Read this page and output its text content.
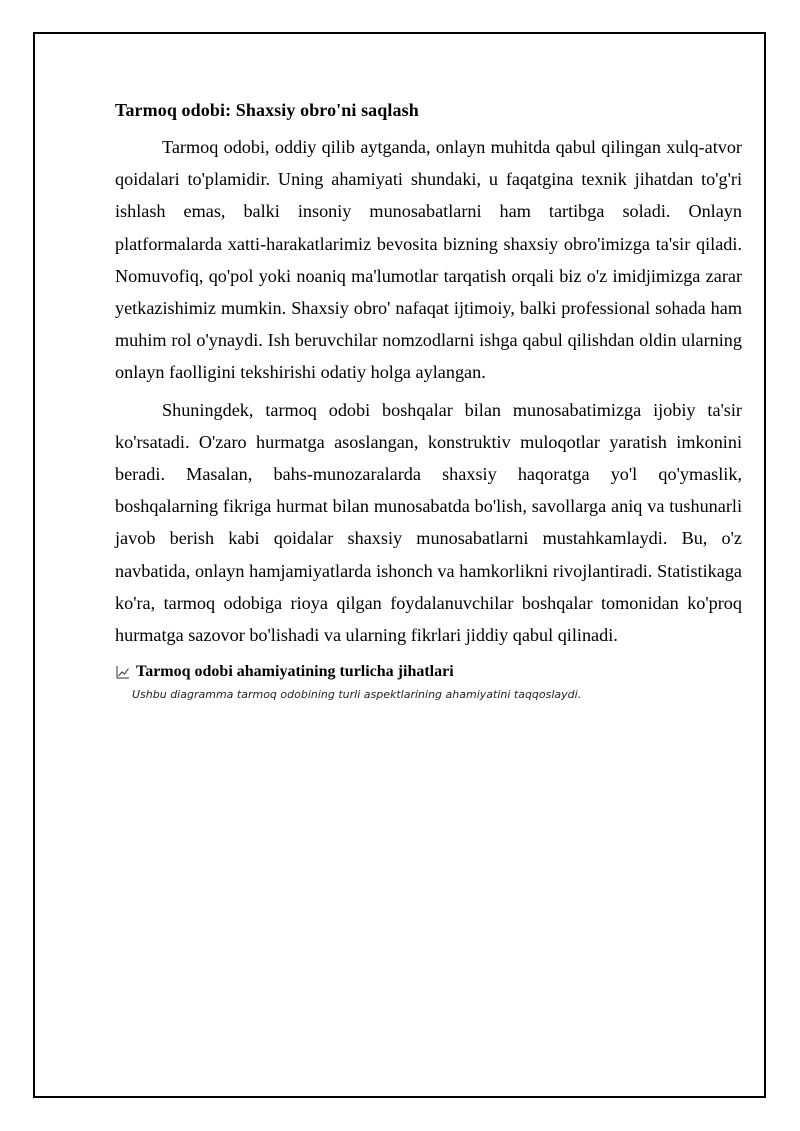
Tarmoq odobi: Shaxsiy obro'ni saqlash

Tarmoq odobi, oddiy qilib aytganda, onlayn muhitda qabul qilingan xulq-atvor qoidalari to'plamidir. Uning ahamiyati shundaki, u faqatgina texnik jihatdan to'g'ri ishlash emas, balki insoniy munosabatlarni ham tartibga soladi. Onlayn platformalarda xatti-harakatlarimiz bevosita bizning shaxsiy obro'imizga ta'sir qiladi. Nomuvofiq, qo'pol yoki noaniq ma'lumotlar tarqatish orqali biz o'z imidjimizga zarar yetkazishimiz mumkin. Shaxsiy obro' nafaqat ijtimoiy, balki professional sohada ham muhim rol o'ynaydi. Ish beruvchilar nomzodlarni ishga qabul qilishdan oldin ularning onlayn faolligini tekshirishi odatiy holga aylangan.

Shuningdek, tarmoq odobi boshqalar bilan munosabatimizga ijobiy ta'sir ko'rsatadi. O'zaro hurmatga asoslangan, konstruktiv muloqotlar yaratish imkonini beradi. Masalan, bahs-munozaralarda shaxsiy haqoratga yo'l qo'ymaslik, boshqalarning fikriga hurmat bilan munosabatda bo'lish, savollarga aniq va tushunarli javob berish kabi qoidalar shaxsiy munosabatlarni mustahkamlaydi. Bu, o'z navbatida, onlayn hamjamiyatlarda ishonch va hamkorlikni rivojlantiradi. Statistikaga ko'ra, tarmoq odobiga rioya qilgan foydalanuvchilar boshqalar tomonidan ko'proq hurmatga sazovor bo'lishadi va ularning fikrlari jiddiy qabul qilinadi.

Tarmoq odobi ahamiyatining turlicha jihatlari

Ushbu diagramma tarmoq odobining turli aspektlarining ahamiyatini taqqoslaydi.
